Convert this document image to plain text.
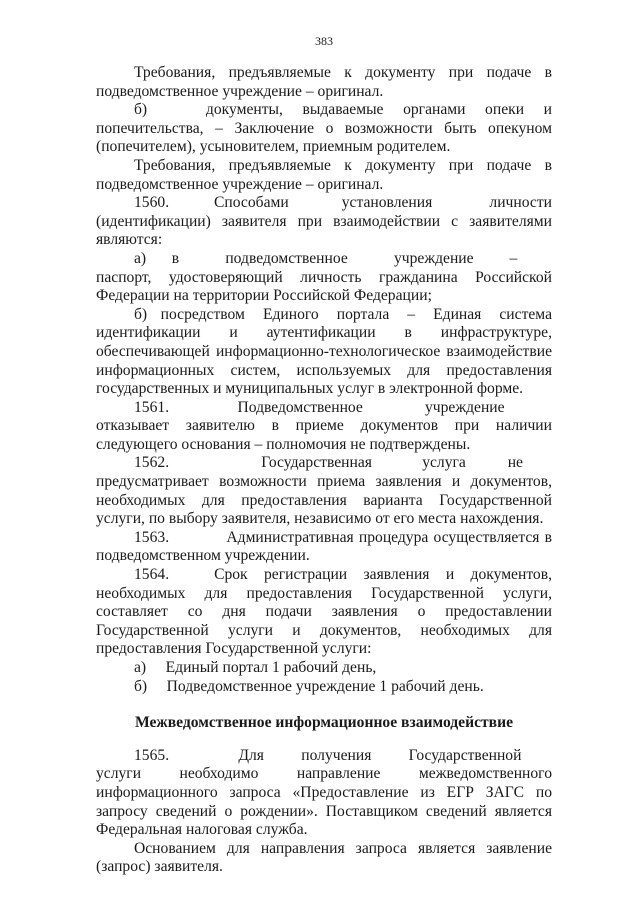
383

Требования, предъявляемые к документу при подаче в подведомственное учреждение – оригинал.

б)   документы, выдаваемые органами опеки и попечительства, – Заключение о возможности быть опекуном (попечителем), усыновителем, приемным родителем.

Требования, предъявляемые к документу при подаче в подведомственное учреждение – оригинал.

1560.           Способами             установления              личности (идентификации) заявителя при взаимодействии с заявителями являются:

а)     в         подведомственное         учреждение       –        паспорт, удостоверяющий личность гражданина Российской Федерации на территории Российской Федерации;

б)   посредством    Единого    портала    –    Единая    система идентификации и аутентификации в инфраструктуре, обеспечивающей информационно-технологическое взаимодействие информационных систем, используемых для предоставления государственных и муниципальных услуг в электронной форме.

1561.           Подведомственное          учреждение         отказывает заявителю в приеме документов при наличии следующего основания – полномочия не подтверждены.

1562.           Государственная      услуга     не     предусматривает возможности приема заявления и документов, необходимых для предоставления варианта Государственной услуги, по выбору заявителя, независимо от его места нахождения.

1563.           Административная процедура осуществляется в подведомственном учреждении.

1564.           Срок    регистрации    заявления    и    документов, необходимых для предоставления Государственной услуги, составляет со дня подачи заявления о предоставлении Государственной услуги и документов, необходимых для предоставления Государственной услуги:

а)     Единый портал 1 рабочий день,

б)     Подведомственное учреждение 1 рабочий день.

Межведомственное информационное взаимодействие

1565.             Для       получения       Государственной       услуги необходимо направление межведомственного информационного запроса «Предоставление из ЕГР ЗАГС по запросу сведений о рождении». Поставщиком сведений является Федеральная налоговая служба.

Основанием для направления запроса является заявление (запрос) заявителя.
